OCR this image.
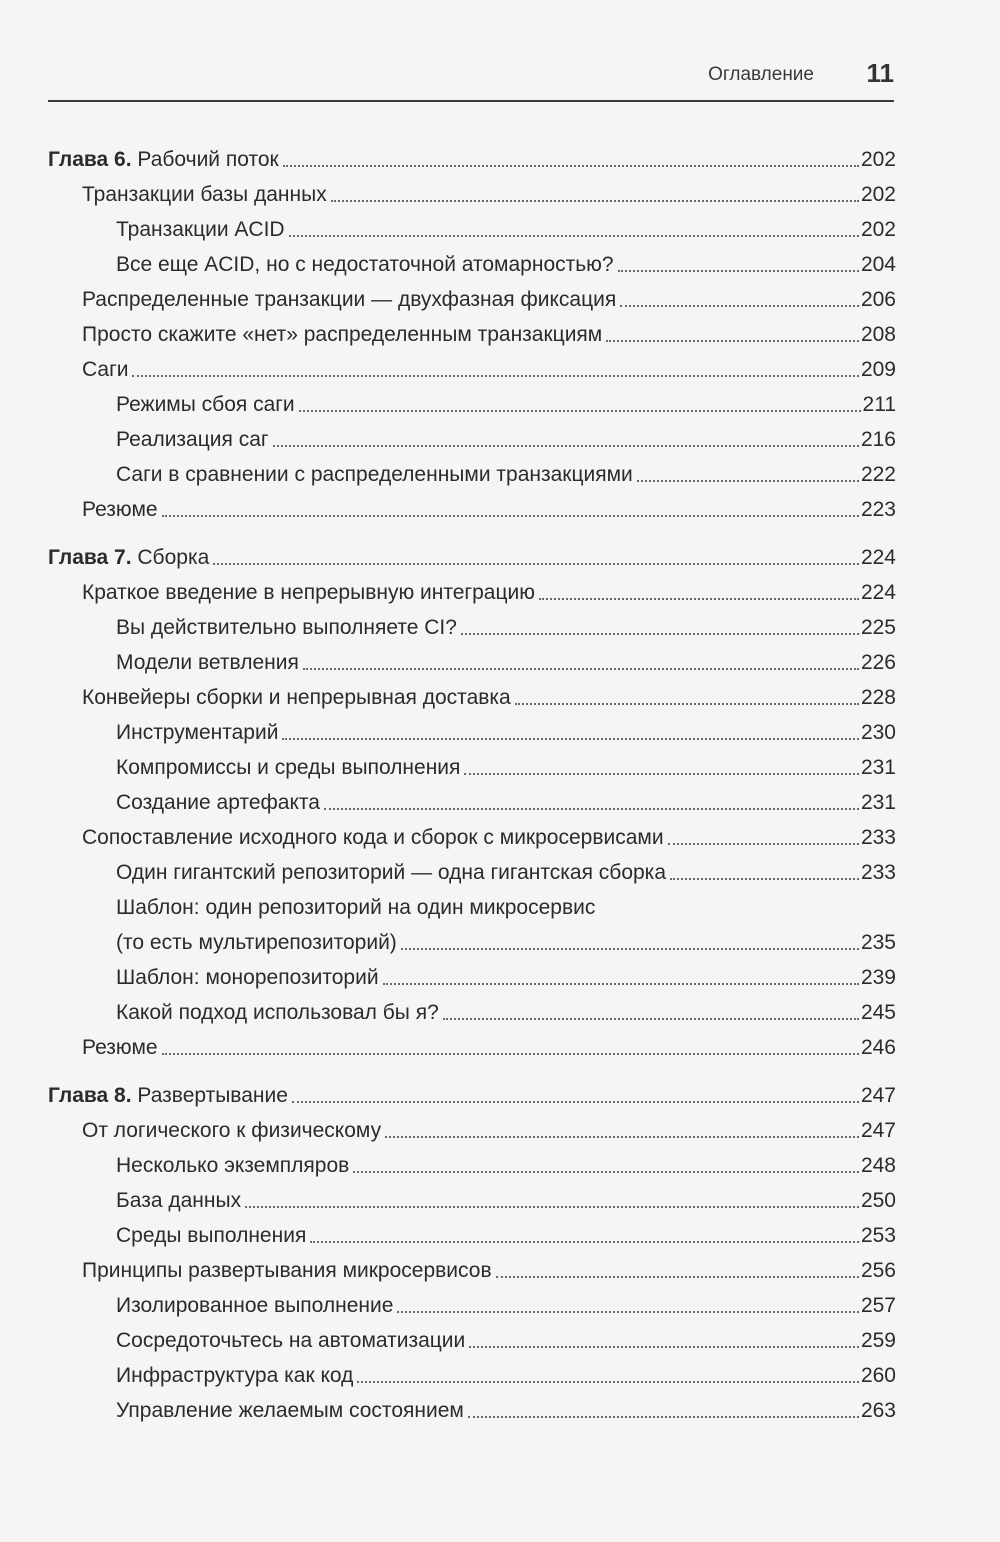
Оглавление 11
Глава 6. Рабочий поток	202
Транзакции базы данных	202
Транзакции ACID	202
Все еще ACID, но с недостаточной атомарностью?	204
Распределенные транзакции — двухфазная фиксация	206
Просто скажите «нет» распределенным транзакциям	208
Саги	209
Режимы сбоя саги	211
Реализация саг	216
Саги в сравнении с распределенными транзакциями	222
Резюме	223
Глава 7. Сборка	224
Краткое введение в непрерывную интеграцию	224
Вы действительно выполняете CI?	225
Модели ветвления	226
Конвейеры сборки и непрерывная доставка	228
Инструментарий	230
Компромиссы и среды выполнения	231
Создание артефакта	231
Сопоставление исходного кода и сборок с микросервисами	233
Один гигантский репозиторий — одна гигантская сборка	233
Шаблон: один репозиторий на один микросервис
(то есть мультирепозиторий)	235
Шаблон: монорепозиторий	239
Какой подход использовал бы я?	245
Резюме	246
Глава 8. Развертывание	247
От логического к физическому	247
Несколько экземпляров	248
База данных	250
Среды выполнения	253
Принципы развертывания микросервисов	256
Изолированное выполнение	257
Сосредоточьтесь на автоматизации	259
Инфраструктура как код	260
Управление желаемым состоянием	263
